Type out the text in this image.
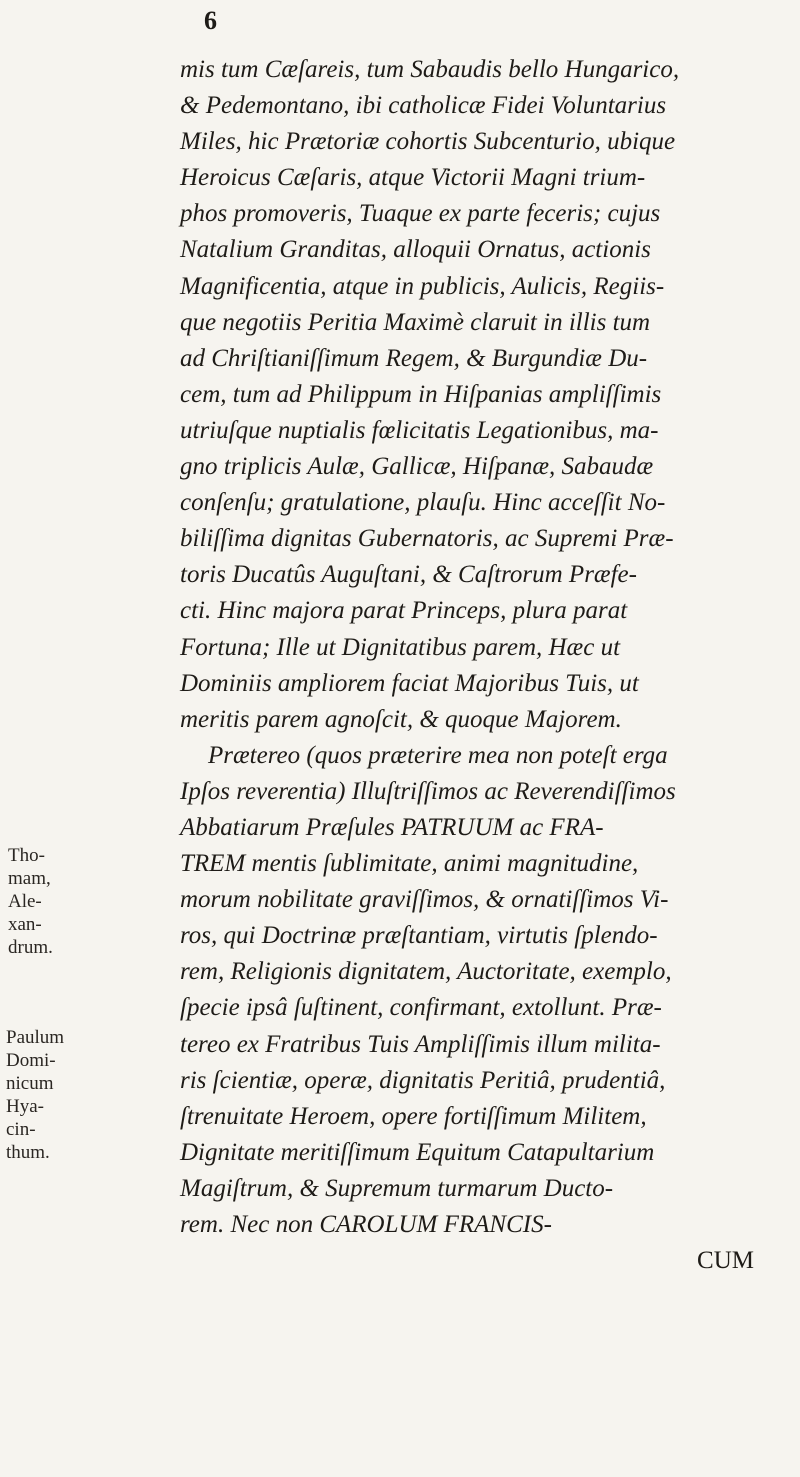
6
mis tum Cæſareis, tum Sabaudis bello Hungarico,
& Pedemontano, ibi catholicæ Fidei Voluntarius
Miles, hic Prætoriæ cohortis Subcenturio, ubique
Heroicus Cæſaris, atque Victorii Magni trium-
phos promoveris, Tuaque ex parte feceris; cujus
Natalium Granditas, alloquii Ornatus, actionis
Magnificentia, atque in publicis, Aulicis, Regiis-
que negotiis Peritia Maximè claruit in illis tum
ad Chriſtianiſſimum Regem, & Burgundiæ Du-
cem, tum ad Philippum in Hiſpanias ampliſſimis
utriuſque nuptialis fœlicitatis Legationibus, ma-
gno triplicis Aulæ, Gallicæ, Hiſpanæ, Sabaudæ
conſenſu; gratulatione, plauſu. Hinc acceſſit No-
biliſſima dignitas Gubernatoris, ac Supremi Præ-
toris Ducatûs Auguſtani, & Caſtrorum Præfe-
cti. Hinc majora parat Princeps, plura parat
Fortuna; Ille ut Dignitatibus parem, Hæc ut
Dominiis ampliorem faciat Majoribus Tuis, ut
meritis parem agnoſcit, & quoque Majorem.
Prætereo (quos præterire mea non poteſt erga
Ipſos reverentia) Illuſtriſſimos ac Reverendiſſimos
Abbatiarum Præſules PATRUUM ac FRA-
TREM mentis ſublimitate, animi magnitudine,
morum nobilitate graviſſimos, & ornatiſſimos Vi-
ros, qui Doctrinæ præſtantiam, virtutis ſplendo-
rem, Religionis dignitatem, Auctoritate, exemplo,
ſpecie ipsâ ſuſtinent, confirmant, extollunt. Præ-
tereo ex Fratribus Tuis Ampliſſimis illum milita-
ris ſcientiæ, operæ, dignitatis Peritiâ, prudentiâ,
ſtrenuitate Heroem, opere fortiſſimum Militem,
Dignitate meritiſſimum Equitum Catapultarium
Magiſtrum, & Supremum turmarum Ducto-
rem. Nec non CAROLUM FRANCIS-
CUM
Tho-
mam,
Ale-
xan-
drum.
Paulum
Domi-
nicum
Hya-
cin-
thum.
